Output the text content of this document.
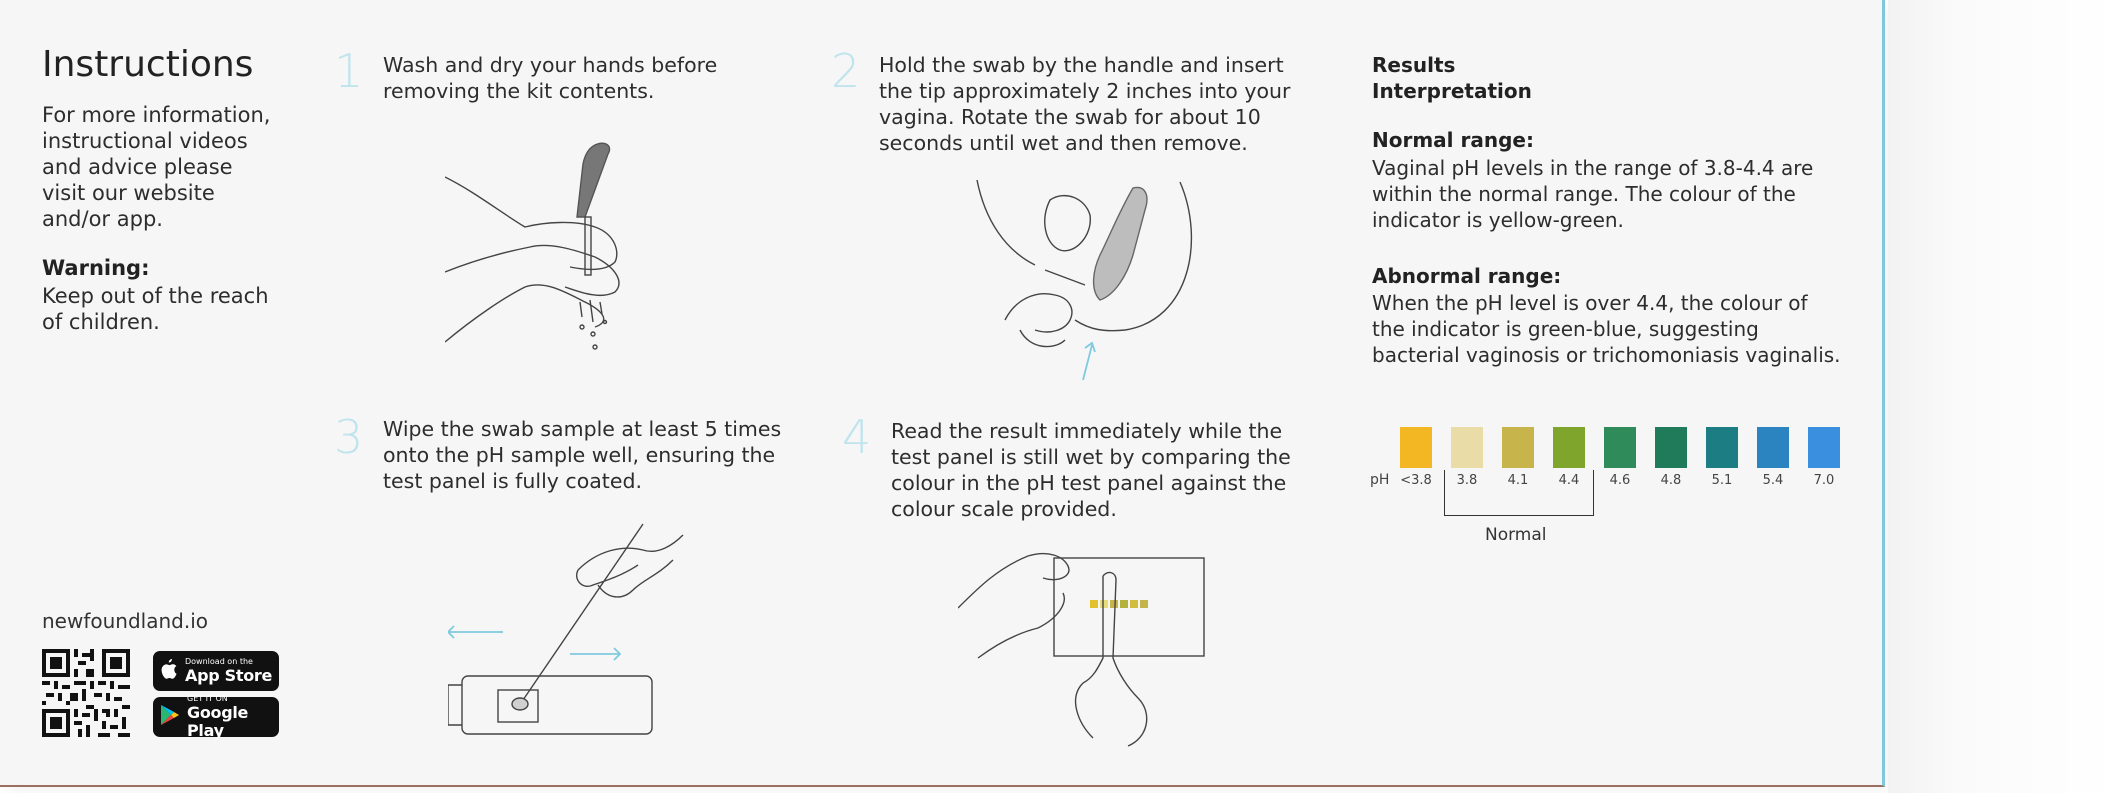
Instructions
For more information, instructional videos and advice please visit our website and/or app.
Warning:
Keep out of the reach of children.
newfoundland.io
Download on the
App Store
GET IT ON
Google Play
1 Wash and dry your hands before removing the kit contents.	2 Hold the swab by the handle and insert the tip approximately 2 inches into your vagina. Rotate the swab for about 10 seconds until wet and then remove.
3 Wipe the swab sample at least 5 times onto the pH sample well, ensuring the test panel is fully coated.
4 Read the result immediately while the test panel is still wet by comparing the colour in the pH test panel against the colour scale provided.
Results
Interpretation
Normal range:
Vaginal pH levels in the range of 3.8-4.4 are within the normal range. The colour of the indicator is yellow-green.
Abnormal range:
When the pH level is over 4.4, the colour of the indicator is green-blue, suggesting bacterial vaginosis or trichomoniasis vaginalis.
pH <3.8	3.8	4.1	4.4	4.6	4.8	5.1	5.4	7.0
Normal
